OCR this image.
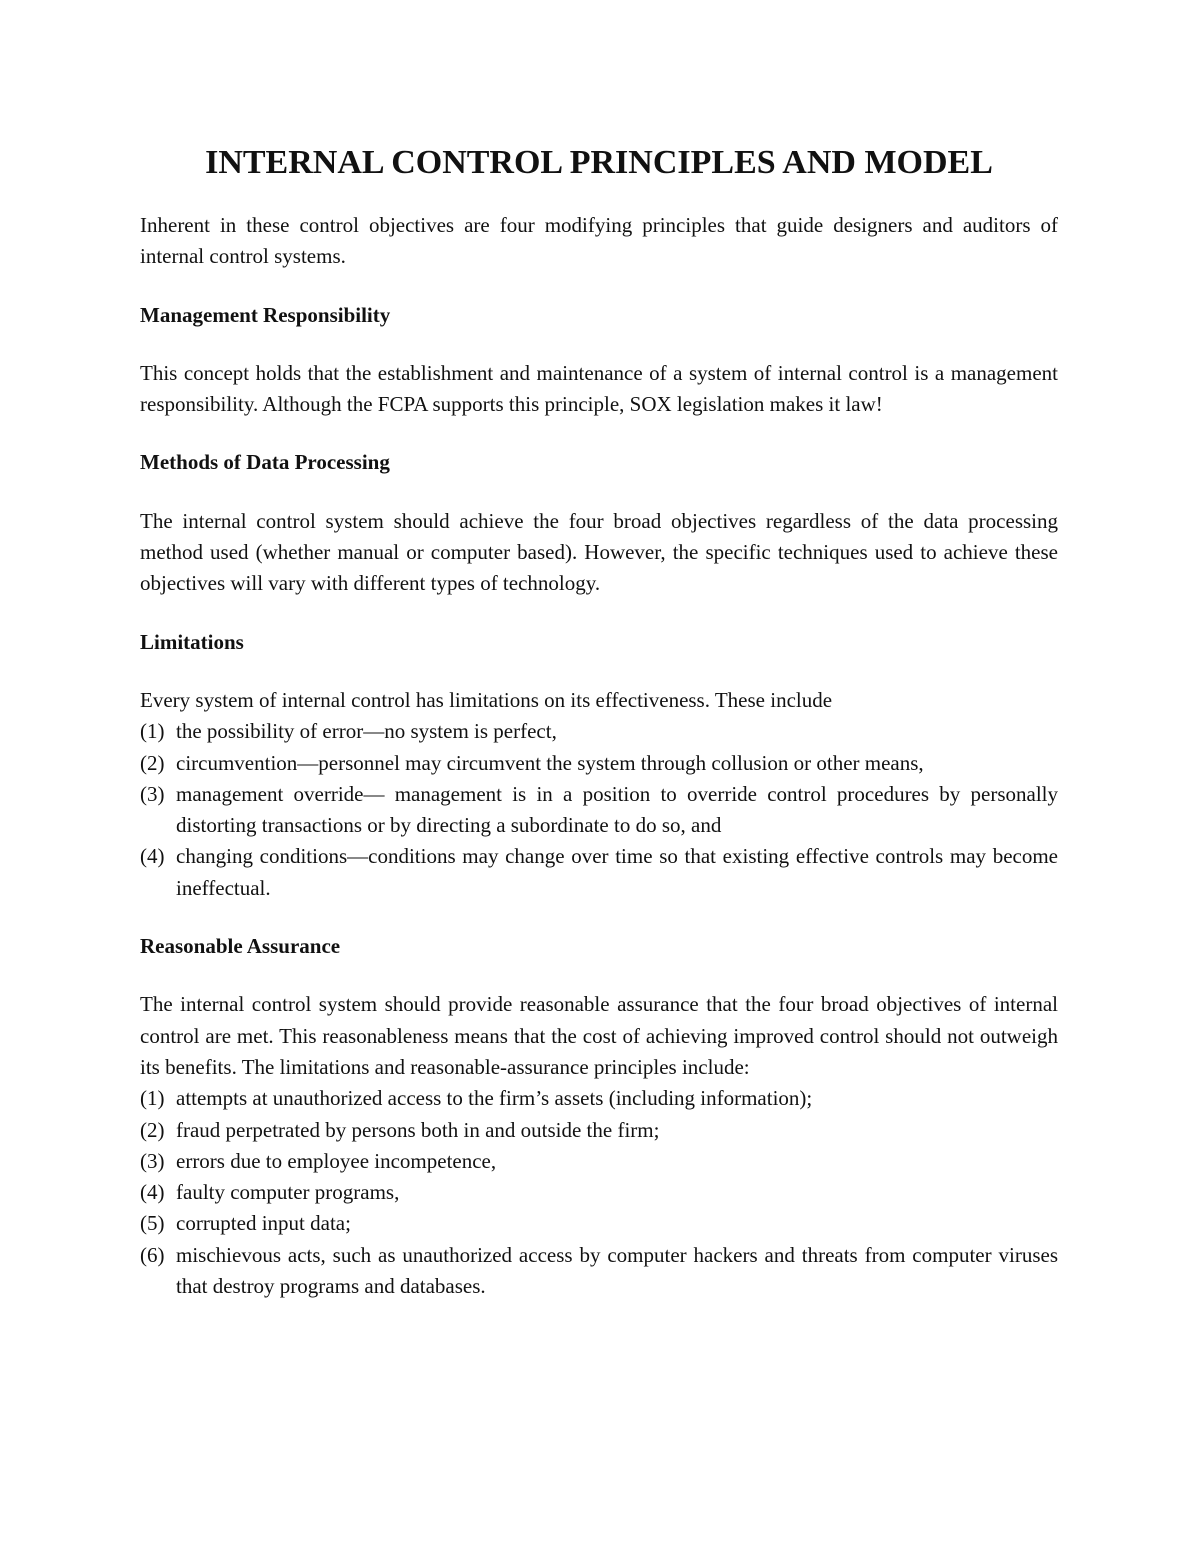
INTERNAL CONTROL PRINCIPLES AND MODEL

Inherent in these control objectives are four modifying principles that guide designers and auditors of internal control systems.

Management Responsibility

This concept holds that the establishment and maintenance of a system of internal control is a management responsibility. Although the FCPA supports this principle, SOX legislation makes it law!

Methods of Data Processing

The internal control system should achieve the four broad objectives regardless of the data processing method used (whether manual or computer based). However, the specific techniques used to achieve these objectives will vary with different types of technology.

Limitations

Every system of internal control has limitations on its effectiveness. These include

(1) the possibility of error—no system is perfect,
(2) circumvention—personnel may circumvent the system through collusion or other means,
(3) management override— management is in a position to override control procedures by personally distorting transactions or by directing a subordinate to do so, and
(4) changing conditions—conditions may change over time so that existing effective controls may become ineffectual.
Reasonable Assurance

The internal control system should provide reasonable assurance that the four broad objectives of internal control are met. This reasonableness means that the cost of achieving improved control should not outweigh its benefits. The limitations and reasonable-assurance principles include:

(1) attempts at unauthorized access to the firm’s assets (including information);
(2) fraud perpetrated by persons both in and outside the firm;
(3) errors due to employee incompetence,
(4) faulty computer programs,
(5) corrupted input data;
(6) mischievous acts, such as unauthorized access by computer hackers and threats from computer viruses that destroy programs and databases.
